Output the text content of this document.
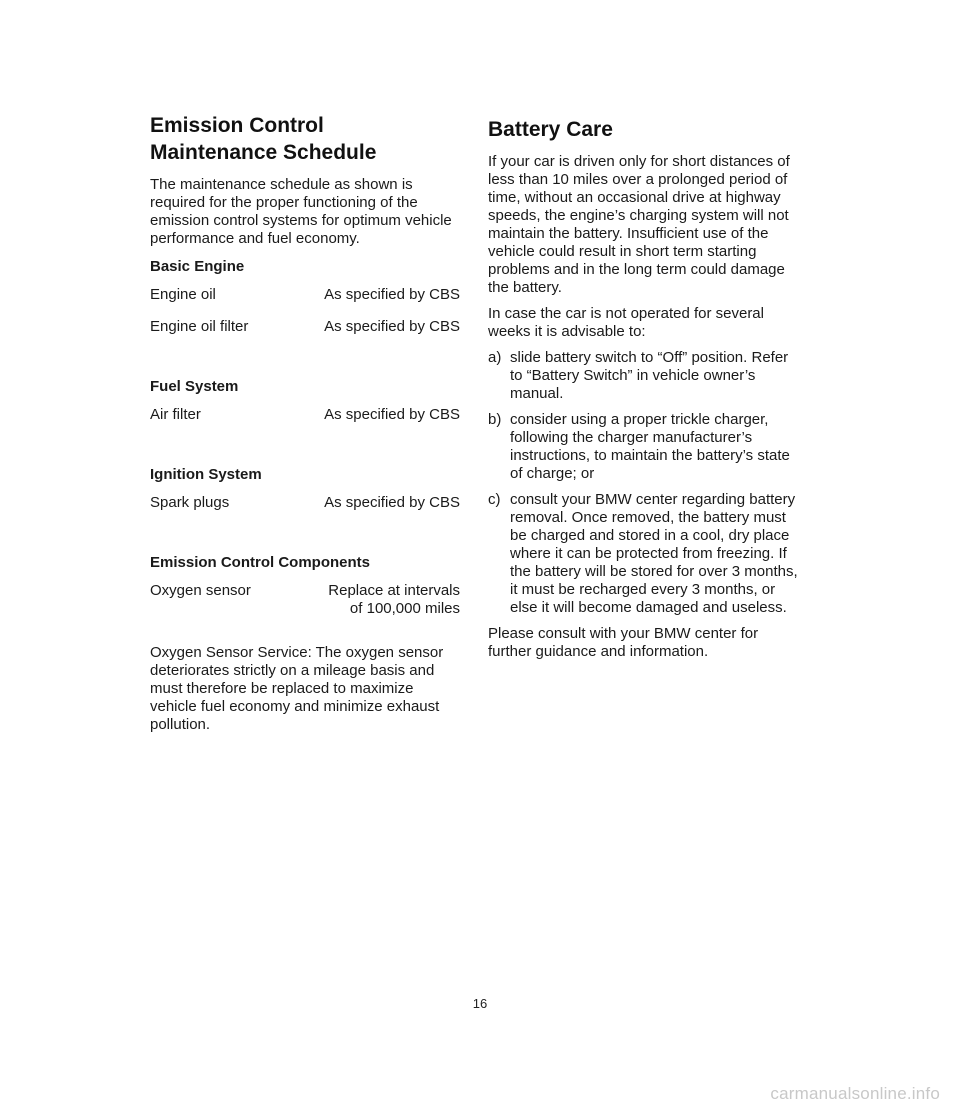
Emission Control
Maintenance Schedule

The maintenance schedule as shown is required for the proper functioning of the emission control systems for optimum vehicle performance and fuel economy.

Basic Engine
Engine oil	As specified by CBS
Engine oil filter	As specified by CBS
Fuel System
Air filter	As specified by CBS
Ignition System
Spark plugs	As specified by CBS
Emission Control Components
Oxygen sensor	Replace at intervals
of 100,000 miles

Oxygen Sensor Service: The oxygen sensor deteriorates strictly on a mileage basis and must therefore be replaced to maximize vehicle fuel economy and minimize exhaust pollution.

Battery Care

If your car is driven only for short distances of less than 10 miles over a prolonged period of time, without an occasional drive at highway speeds, the engine’s charging system will not maintain the battery. Insufficient use of the vehicle could result in short term starting problems and in the long term could damage the battery.

In case the car is not operated for several weeks it is advisable to:

a) slide battery switch to “Off” position. Refer to “Battery Switch” in vehicle owner’s manual.
b) consider using a proper trickle charger, following the charger manufacturer’s instructions, to maintain the battery’s state of charge; or
c) consult your BMW center regarding battery removal. Once removed, the battery must be charged and stored in a cool, dry place where it can be protected from freezing. If the battery will be stored for over 3 months, it must be recharged every 3 months, or else it will become damaged and useless.

Please consult with your BMW center for further guidance and information.

16
carmanualsonline.info
